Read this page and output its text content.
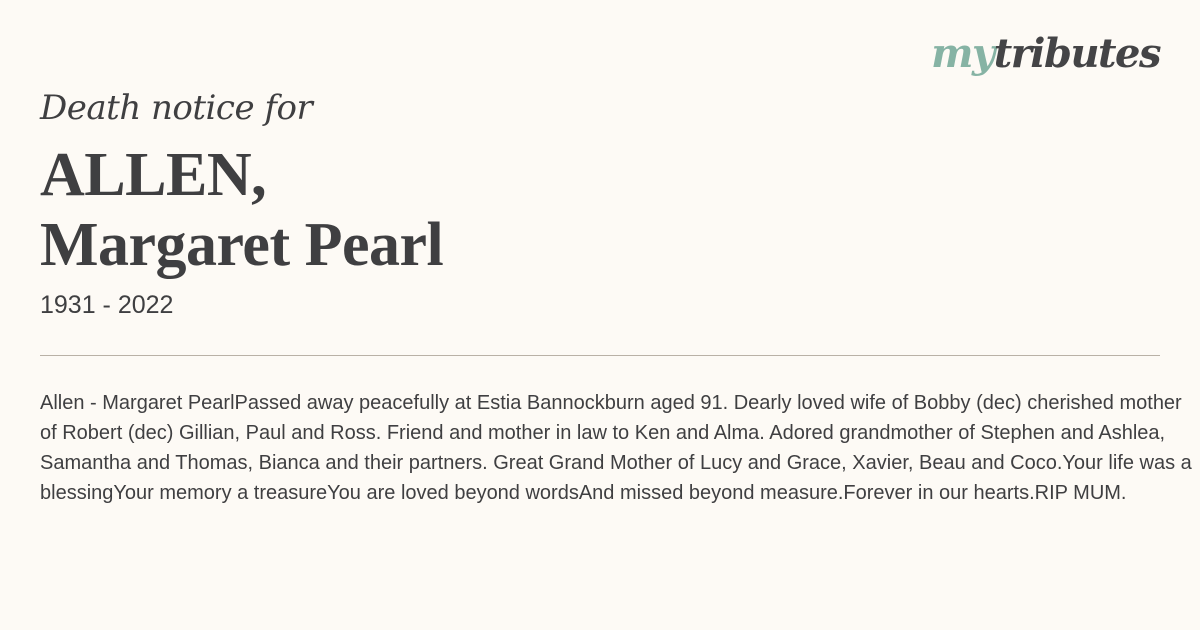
mytributes
Death notice for
ALLEN,
Margaret Pearl
1931 - 2022
Allen - Margaret PearlPassed away peacefully at Estia Bannockburn aged 91. Dearly loved wife of Bobby (dec) cherished mother of Robert (dec) Gillian, Paul and Ross. Friend and mother in law to Ken and Alma. Adored grandmother of Stephen and Ashlea, Samantha and Thomas, Bianca and their partners. Great Grand Mother of Lucy and Grace, Xavier, Beau and Coco.Your life was a blessingYour memory a treasureYou are loved beyond wordsAnd missed beyond measure.Forever in our hearts.RIP MUM.
